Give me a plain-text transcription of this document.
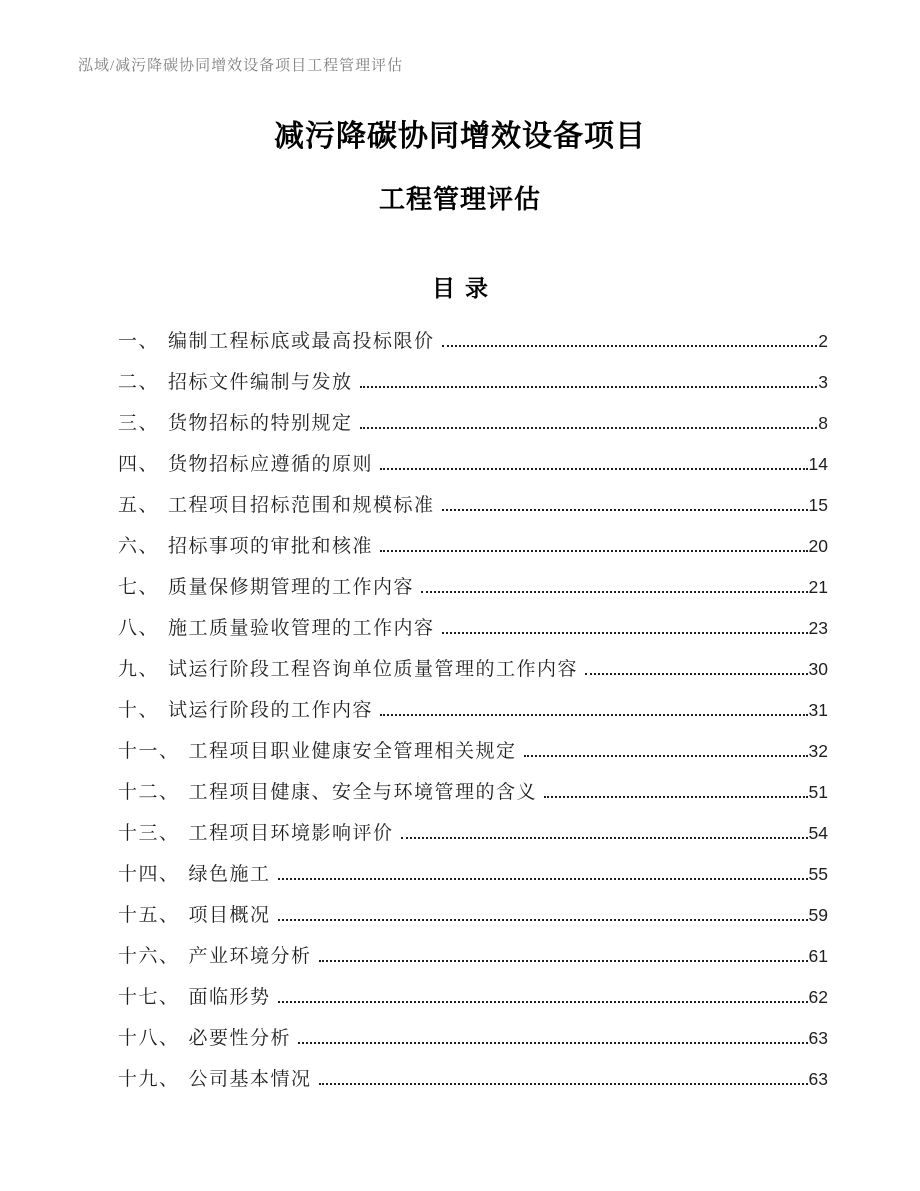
泓域/减污降碳协同增效设备项目工程管理评估
减污降碳协同增效设备项目
工程管理评估
目录
一、 编制工程标底或最高投标限价	2
二、 招标文件编制与发放	3
三、 货物招标的特别规定	8
四、 货物招标应遵循的原则	14
五、 工程项目招标范围和规模标准	15
六、 招标事项的审批和核准	20
七、 质量保修期管理的工作内容	21
八、 施工质量验收管理的工作内容	23
九、 试运行阶段工程咨询单位质量管理的工作内容	30
十、 试运行阶段的工作内容	31
十一、 工程项目职业健康安全管理相关规定	32
十二、 工程项目健康、安全与环境管理的含义	51
十三、 工程项目环境影响评价	54
十四、 绿色施工	55
十五、 项目概况	59
十六、 产业环境分析	61
十七、 面临形势	62
十八、 必要性分析	63
十九、 公司基本情况	63
